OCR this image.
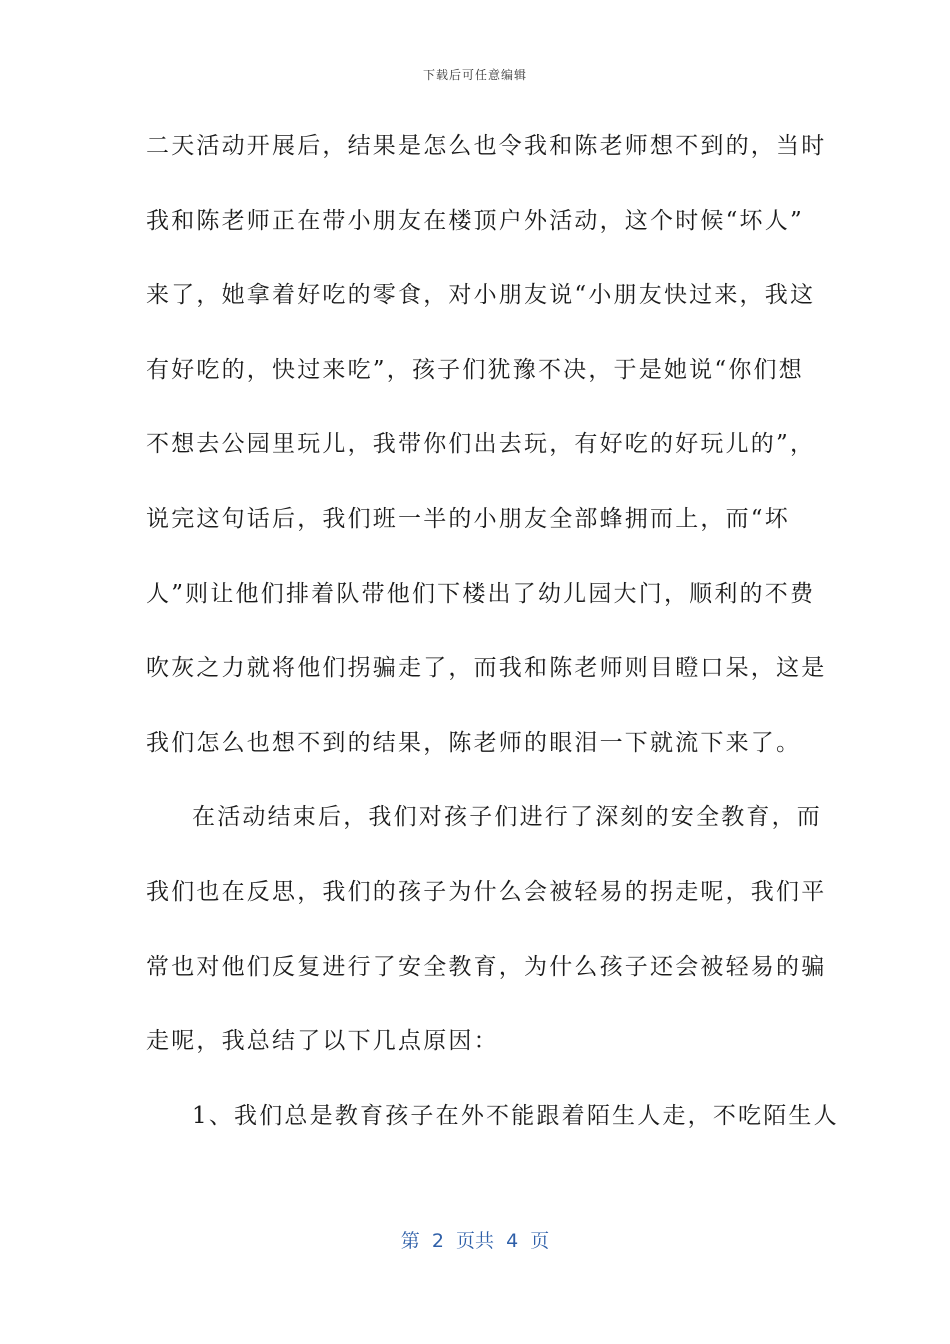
下载后可任意编辑
二天活动开展后，结果是怎么也令我和陈老师想不到的，当时
我和陈老师正在带小朋友在楼顶户外活动，这个时候“坏人”
来了，她拿着好吃的零食，对小朋友说“小朋友快过来，我这
有好吃的，快过来吃”，孩子们犹豫不决，于是她说“你们想
不想去公园里玩儿，我带你们出去玩，有好吃的好玩儿的”，
说完这句话后，我们班一半的小朋友全部蜂拥而上，而“坏
人”则让他们排着队带他们下楼出了幼儿园大门，顺利的不费
吹灰之力就将他们拐骗走了，而我和陈老师则目瞪口呆，这是
我们怎么也想不到的结果，陈老师的眼泪一下就流下来了。
在活动结束后，我们对孩子们进行了深刻的安全教育，而
我们也在反思，我们的孩子为什么会被轻易的拐走呢，我们平
常也对他们反复进行了安全教育，为什么孩子还会被轻易的骗
走呢，我总结了以下几点原因：
1、我们总是教育孩子在外不能跟着陌生人走，不吃陌生人
第  2  页共  4  页
